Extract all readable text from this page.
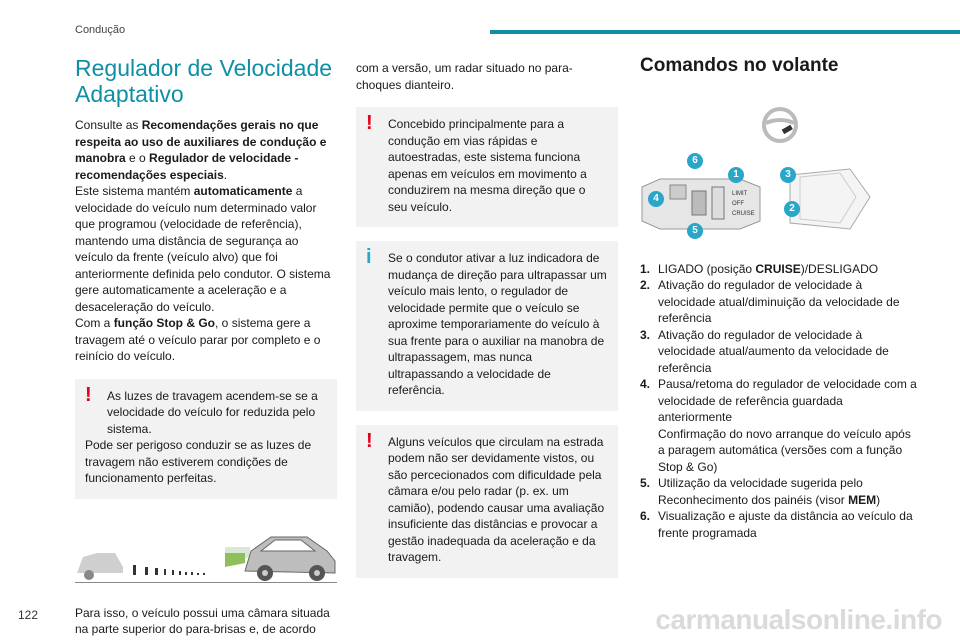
Condução
Regulador de Velocidade Adaptativo

Consulte as Recomendações gerais no que respeita ao uso de auxiliares de condução e manobra e o Regulador de velocidade - recomendações especiais.

Este sistema mantém automaticamente a velocidade do veículo num determinado valor que programou (velocidade de referência), mantendo uma distância de segurança ao veículo da frente (veículo alvo) que foi anteriormente definida pelo condutor. O sistema gere automaticamente a aceleração e a desaceleração do veículo.

Com a função Stop & Go, o sistema gere a travagem até o veículo parar por completo e o reinício do veículo.

!	As luzes de travagem acendem-se se a velocidade do veículo for reduzida pelo sistema.

Pode ser perigoso conduzir se as luzes de travagem não estiverem condições de funcionamento perfeitas.

Para isso, o veículo possui uma câmara situada na parte superior do para-brisas e, de acordo

com a versão, um radar situado no para-choques dianteiro.

!	Concebido principalmente para a condução em vias rápidas e autoestradas, este sistema funciona apenas em veículos em movimento a conduzirem na mesma direção que o seu veículo.

i	Se o condutor ativar a luz indicadora de mudança de direção para ultrapassar um veículo mais lento, o regulador de velocidade permite que o veículo se aproxime temporariamente do veículo à sua frente para o auxiliar na manobra de ultrapassagem, mas nunca ultrapassando a velocidade de referência.

!	Alguns veículos que circulam na estrada podem não ser devidamente vistos, ou são percecionados com dificuldade pela câmara e/ou pelo radar (p. ex. um camião), podendo causar uma avaliação insuficiente das distâncias e provocar a gestão inadequada da aceleração e da travagem.

Comandos no volante
LIMIT
OFF
CRUISE
6
1
4
5
3
2
1. LIGADO (posição CRUISE)/DESLIGADO
2. Ativação do regulador de velocidade à velocidade atual/diminuição da velocidade de referência
3. Ativação do regulador de velocidade à velocidade atual/aumento da velocidade de referência
4. Pausa/retoma do regulador de velocidade com a velocidade de referência guardada anteriormente
Confirmação do novo arranque do veículo após a paragem automática (versões com a função Stop & Go)
5. Utilização da velocidade sugerida pelo Reconhecimento dos painéis (visor MEM)
6. Visualização e ajuste da distância ao veículo da frente programada
122	carmanualsonline.info
